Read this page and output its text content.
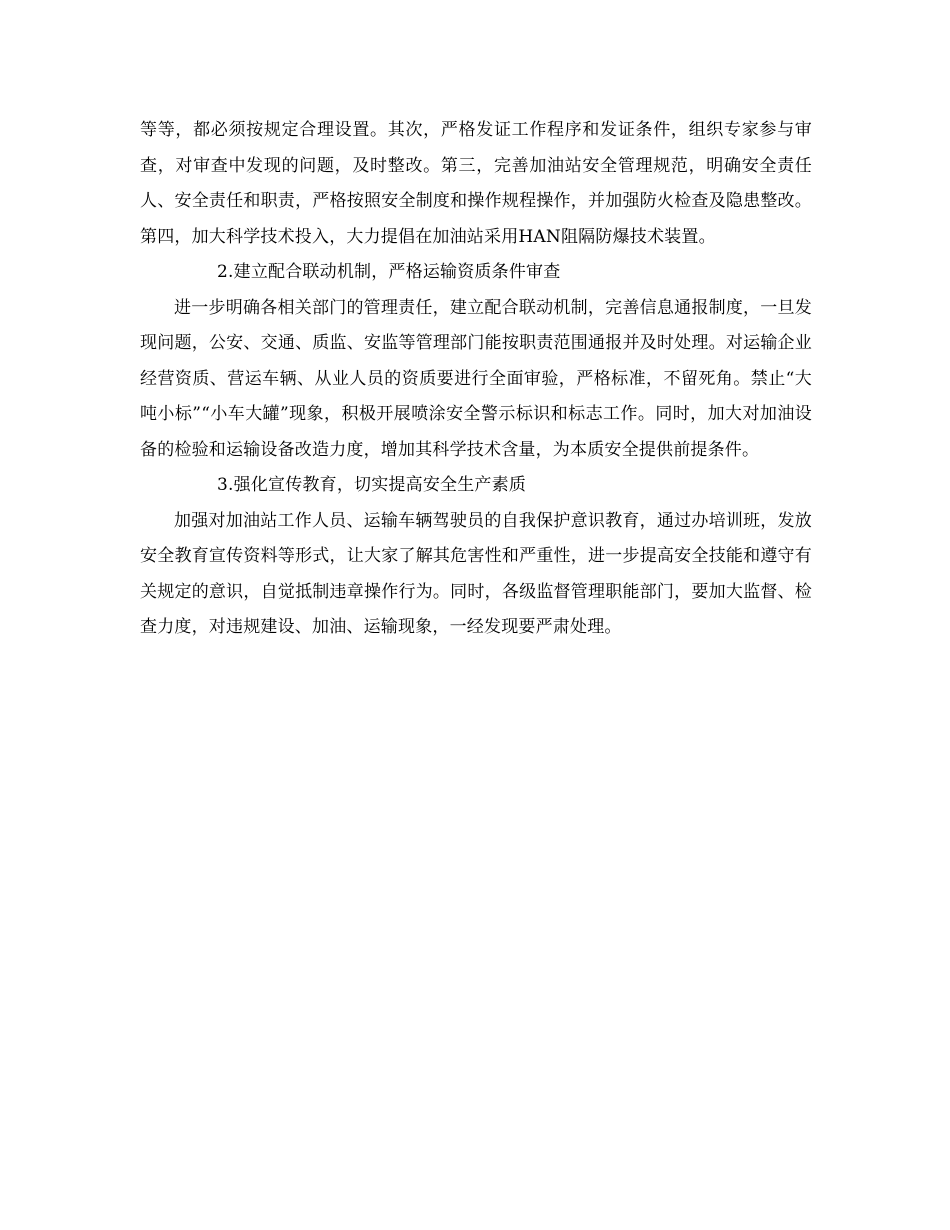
等等，都必须按规定合理设置。其次，严格发证工作程序和发证条件，组织专家参与审查，对审查中发现的问题，及时整改。第三，完善加油站安全管理规范，明确安全责任人、安全责任和职责，严格按照安全制度和操作规程操作，并加强防火检查及隐患整改。第四，加大科学技术投入，大力提倡在加油站采用HAN阻隔防爆技术装置。

2.建立配合联动机制，严格运输资质条件审查

进一步明确各相关部门的管理责任，建立配合联动机制，完善信息通报制度，一旦发现问题，公安、交通、质监、安监等管理部门能按职责范围通报并及时处理。对运输企业经营资质、营运车辆、从业人员的资质要进行全面审验，严格标准，不留死角。禁止“大吨小标”“小车大罐”现象，积极开展喷涂安全警示标识和标志工作。同时，加大对加油设备的检验和运输设备改造力度，增加其科学技术含量，为本质安全提供前提条件。

3.强化宣传教育，切实提高安全生产素质

加强对加油站工作人员、运输车辆驾驶员的自我保护意识教育，通过办培训班，发放安全教育宣传资料等形式，让大家了解其危害性和严重性，进一步提高安全技能和遵守有关规定的意识，自觉抵制违章操作行为。同时，各级监督管理职能部门，要加大监督、检查力度，对违规建设、加油、运输现象，一经发现要严肃处理。
